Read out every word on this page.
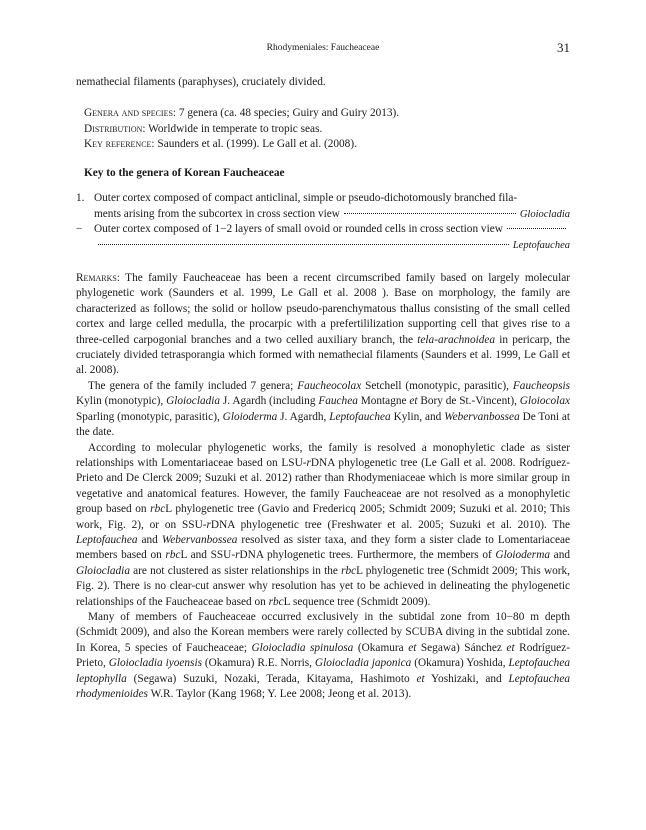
Rhodymeniales: Faucheaceae	31

nemathecial filaments (paraphyses), cruciately divided.

Genera and species: 7 genera (ca. 48 species; Guiry and Guiry 2013).
Distribution: Worldwide in temperate to tropic seas.
Key reference: Saunders et al. (1999). Le Gall et al. (2008).
Key to the genera of Korean Faucheaceae
1. Outer cortex composed of compact anticlinal, simple or pseudo-dichotomously branched fila-
ments arising from the subcortex in cross section view	Gloiocladia
− Outer cortex composed of 1−2 layers of small ovoid or rounded cells in cross section view
Leptofauchea

Remarks: The family Faucheaceae has been a recent circumscribed family based on largely molecular phylogenetic work (Saunders et al. 1999, Le Gall et al. 2008 ). Base on morphology, the family are characterized as follows; the solid or hollow pseudo-parenchymatous thallus consisting of the small celled cortex and large celled medulla, the procarpic with a prefertililization supporting cell that gives rise to a three-celled carpogonial branches and a two celled auxiliary branch, the tela-arachnoidea in pericarp, the cruciately divided tetrasporangia which formed with nemathecial filaments (Saunders et al. 1999, Le Gall et al. 2008).

The genera of the family included 7 genera; Faucheocolax Setchell (monotypic, parasitic), Faucheopsis Kylin (monotypic), Gloiocladia J. Agardh (including Fauchea Montagne et Bory de St.-Vincent), Gloiocolax Sparling (monotypic, parasitic), Gloioderma J. Agardh, Leptofauchea Kylin, and Webervanbossea De Toni at the date.

According to molecular phylogenetic works, the family is resolved a monophyletic clade as sister relationships with Lomentariaceae based on LSU-rDNA phylogenetic tree (Le Gall et al. 2008. Rodríguez-Prieto and De Clerck 2009; Suzuki et al. 2012) rather than Rhodymeniaceae which is more similar group in vegetative and anatomical features. However, the family Faucheaceae are not resolved as a monophyletic group based on rbcL phylogenetic tree (Gavio and Fredericq 2005; Schmidt 2009; Suzuki et al. 2010; This work, Fig. 2), or on SSU-rDNA phylogenetic tree (Freshwater et al. 2005; Suzuki et al. 2010). The Leptofauchea and Webervanbossea resolved as sister taxa, and they form a sister clade to Lomentariaceae members based on rbcL and SSU-rDNA phylogenetic trees. Furthermore, the members of Gloioderma and Gloiocladia are not clustered as sister relationships in the rbcL phylogenetic tree (Schmidt 2009; This work, Fig. 2). There is no clear-cut answer why resolution has yet to be achieved in delineating the phylogenetic relationships of the Faucheaceae based on rbcL sequence tree (Schmidt 2009).

Many of members of Faucheaceae occurred exclusively in the subtidal zone from 10−80 m depth (Schmidt 2009), and also the Korean members were rarely collected by SCUBA diving in the subtidal zone. In Korea, 5 species of Faucheaceae; Gloiocladia spinulosa (Okamura et Segawa) Sánchez et Rodríguez-Prieto, Gloiocladia iyoensis (Okamura) R.E. Norris, Gloiocladia japonica (Okamura) Yoshida, Leptofauchea leptophylla (Segawa) Suzuki, Nozaki, Terada, Kitayama, Hashimoto et Yoshizaki, and Leptofauchea rhodymenioides W.R. Taylor (Kang 1968; Y. Lee 2008; Jeong et al. 2013).
